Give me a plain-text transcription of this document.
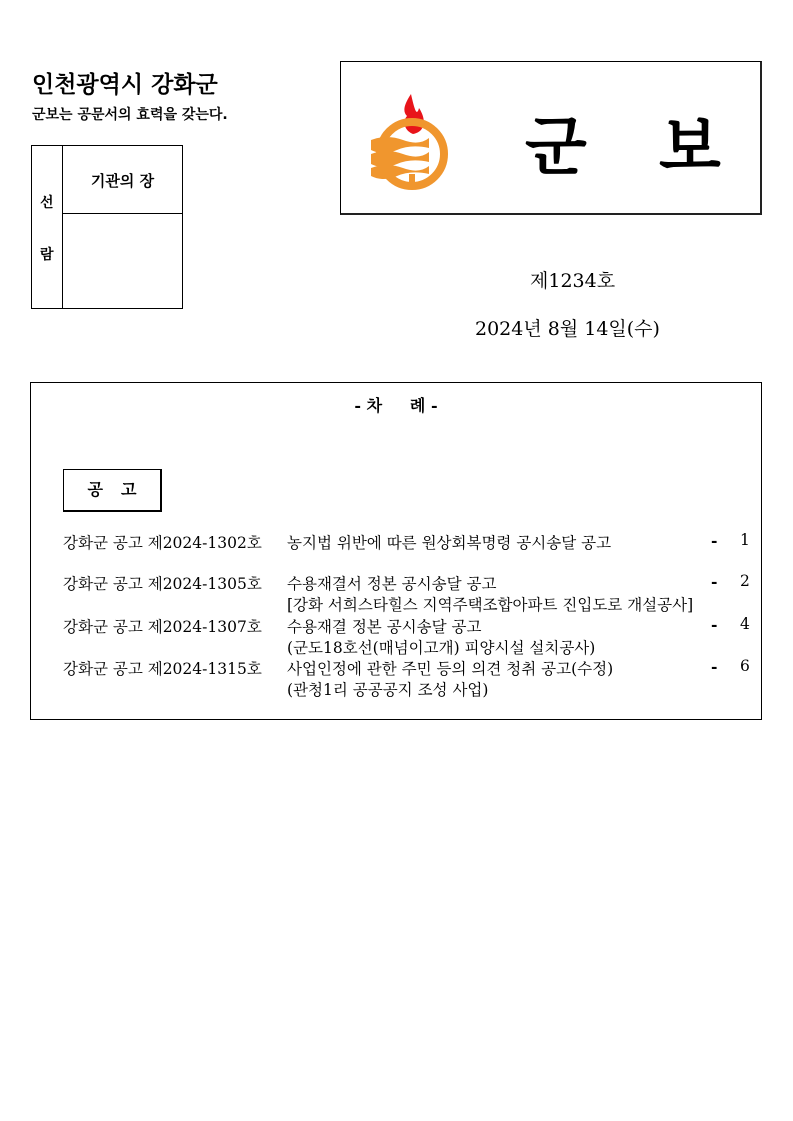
인천광역시 강화군
군보는 공문서의 효력을 갖는다.
선
람
기관의 장	군 보
제1234호
2024년 8월 14일(수)
- 차     례 -
공고
강화군 공고 제2024-1302호 농지법 위반에 따른 원상회복명령 공시송달 공고	- 1
강화군 공고 제2024-1305호 수용재결서 정본 공시송달 공고
[강화 서희스타힐스 지역주택조합아파트 진입도로 개설공사]
- 2
강화군 공고 제2024-1307호 수용재결 정본 공시송달 공고
(군도18호선(매넘이고개) 피양시설 설치공사)
- 4
강화군 공고 제2024-1315호 사업인정에 관한 주민 등의 의견 청취 공고(수정)
(관청1리 공공공지 조성 사업)
- 6
